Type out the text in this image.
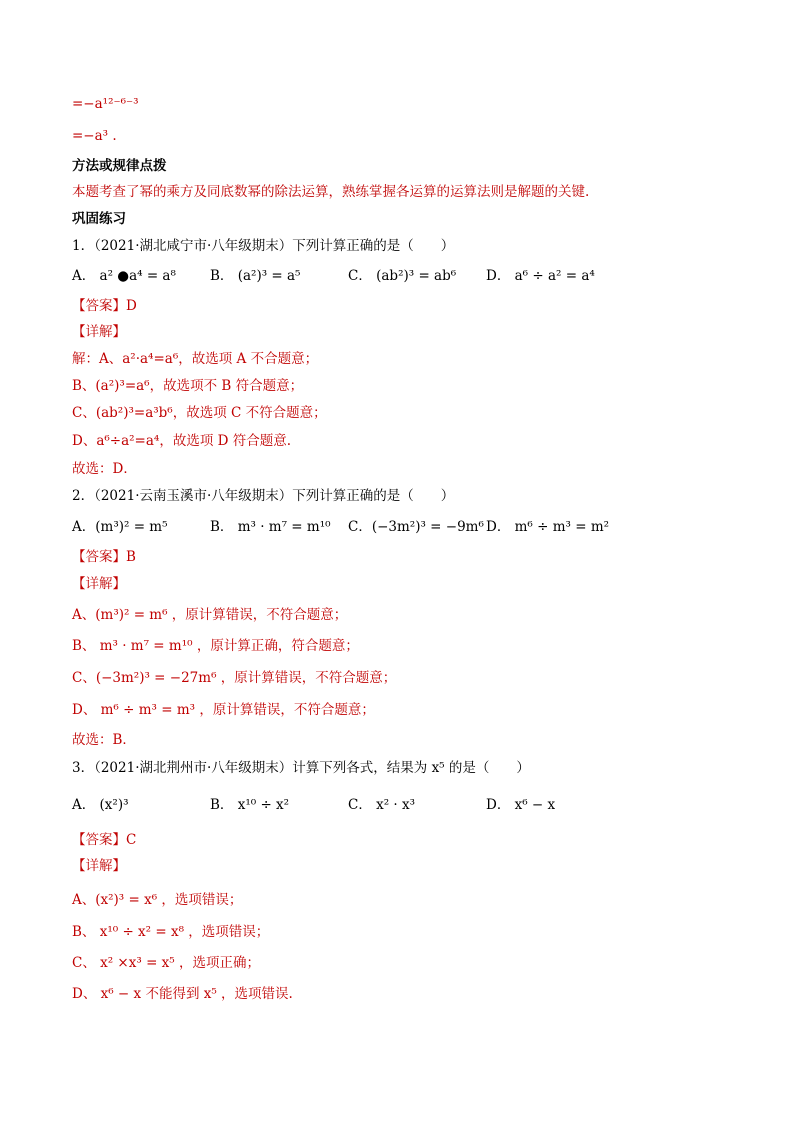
=−a¹²⁻⁶⁻³
=−a³ .
方法或规律点拨
本题考查了幂的乘方及同底数幂的除法运算，熟练掌握各运算的运算法则是解题的关键.
巩固练习
1．（2021·湖北咸宁市·八年级期末）下列计算正确的是（　　）
A． a² ●a⁴ = a⁸	B． (a²)³ = a⁵	C． (ab²)³ = ab⁶	D． a⁶ ÷ a² = a⁴
【答案】D
【详解】
解：A、a²·a⁴=a⁶，故选项 A 不合题意；
B、(a²)³=a⁶，故选项不 B 符合题意；
C、(ab²)³=a³b⁶，故选项 C 不符合题意；
D、a⁶÷a²=a⁴，故选项 D 符合题意.
故选：D．
2．（2021·云南玉溪市·八年级期末）下列计算正确的是（　　）
A．(m³)² = m⁵	B． m³ · m⁷ = m¹⁰	C．(−3m²)³ = −9m⁶ D． m⁶ ÷ m³ = m²
【答案】B
【详解】
A、(m³)² = m⁶ ，原计算错误，不符合题意；
B、 m³ · m⁷ = m¹⁰ ，原计算正确，符合题意；
C、(−3m²)³ = −27m⁶ ，原计算错误，不符合题意；
D、 m⁶ ÷ m³ = m³ ，原计算错误，不符合题意；
故选：B．
3．（2021·湖北荆州市·八年级期末）计算下列各式，结果为 x⁵ 的是（　　）
A． (x²)³	B． x¹⁰ ÷ x²	C． x² · x³	D． x⁶ − x
【答案】C
【详解】
A、(x²)³ = x⁶ ，选项错误；
B、 x¹⁰ ÷ x² = x⁸ ，选项错误；
C、 x² ×x³ = x⁵ ，选项正确；
D、 x⁶ − x 不能得到 x⁵ ，选项错误.
